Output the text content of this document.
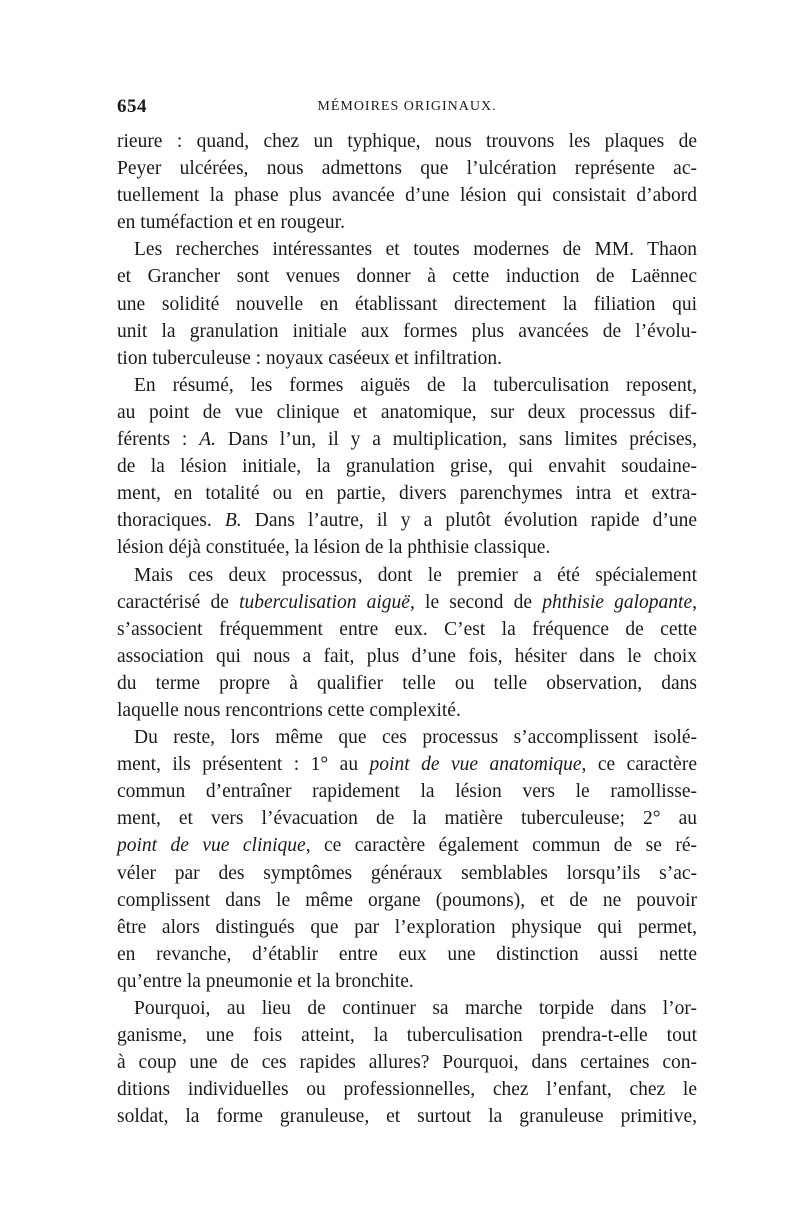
654	MÉMOIRES ORIGINAUX.
rieure : quand, chez un typhique, nous trouvons les plaques de
Peyer ulcérées, nous admettons que l’ulcération représente ac-
tuellement la phase plus avancée d’une lésion qui consistait d’abord
en tuméfaction et en rougeur.
Les recherches intéressantes et toutes modernes de MM. Thaon
et Grancher sont venues donner à cette induction de Laënnec
une solidité nouvelle en établissant directement la filiation qui
unit la granulation initiale aux formes plus avancées de l’évolu-
tion tuberculeuse : noyaux caséeux et infiltration.
En résumé, les formes aiguës de la tuberculisation reposent,
au point de vue clinique et anatomique, sur deux processus dif-
férents : A. Dans l’un, il y a multiplication, sans limites précises,
de la lésion initiale, la granulation grise, qui envahit soudaine-
ment, en totalité ou en partie, divers parenchymes intra et extra-
thoraciques. B. Dans l’autre, il y a plutôt évolution rapide d’une
lésion déjà constituée, la lésion de la phthisie classique.
Mais ces deux processus, dont le premier a été spécialement
caractérisé de tuberculisation aiguë, le second de phthisie galopante,
s’associent fréquemment entre eux. C’est la fréquence de cette
association qui nous a fait, plus d’une fois, hésiter dans le choix
du terme propre à qualifier telle ou telle observation, dans
laquelle nous rencontrions cette complexité.
Du reste, lors même que ces processus s’accomplissent isolé-
ment, ils présentent : 1° au point de vue anatomique, ce caractère
commun d’entraîner rapidement la lésion vers le ramollisse-
ment, et vers l’évacuation de la matière tuberculeuse; 2° au
point de vue clinique, ce caractère également commun de se ré-
véler par des symptômes généraux semblables lorsqu’ils s’ac-
complissent dans le même organe (poumons), et de ne pouvoir
être alors distingués que par l’exploration physique qui permet,
en revanche, d’établir entre eux une distinction aussi nette
qu’entre la pneumonie et la bronchite.
Pourquoi, au lieu de continuer sa marche torpide dans l’or-
ganisme, une fois atteint, la tuberculisation prendra-t-elle tout
à coup une de ces rapides allures? Pourquoi, dans certaines con-
ditions individuelles ou professionnelles, chez l’enfant, chez le
soldat, la forme granuleuse, et surtout la granuleuse primitive,
